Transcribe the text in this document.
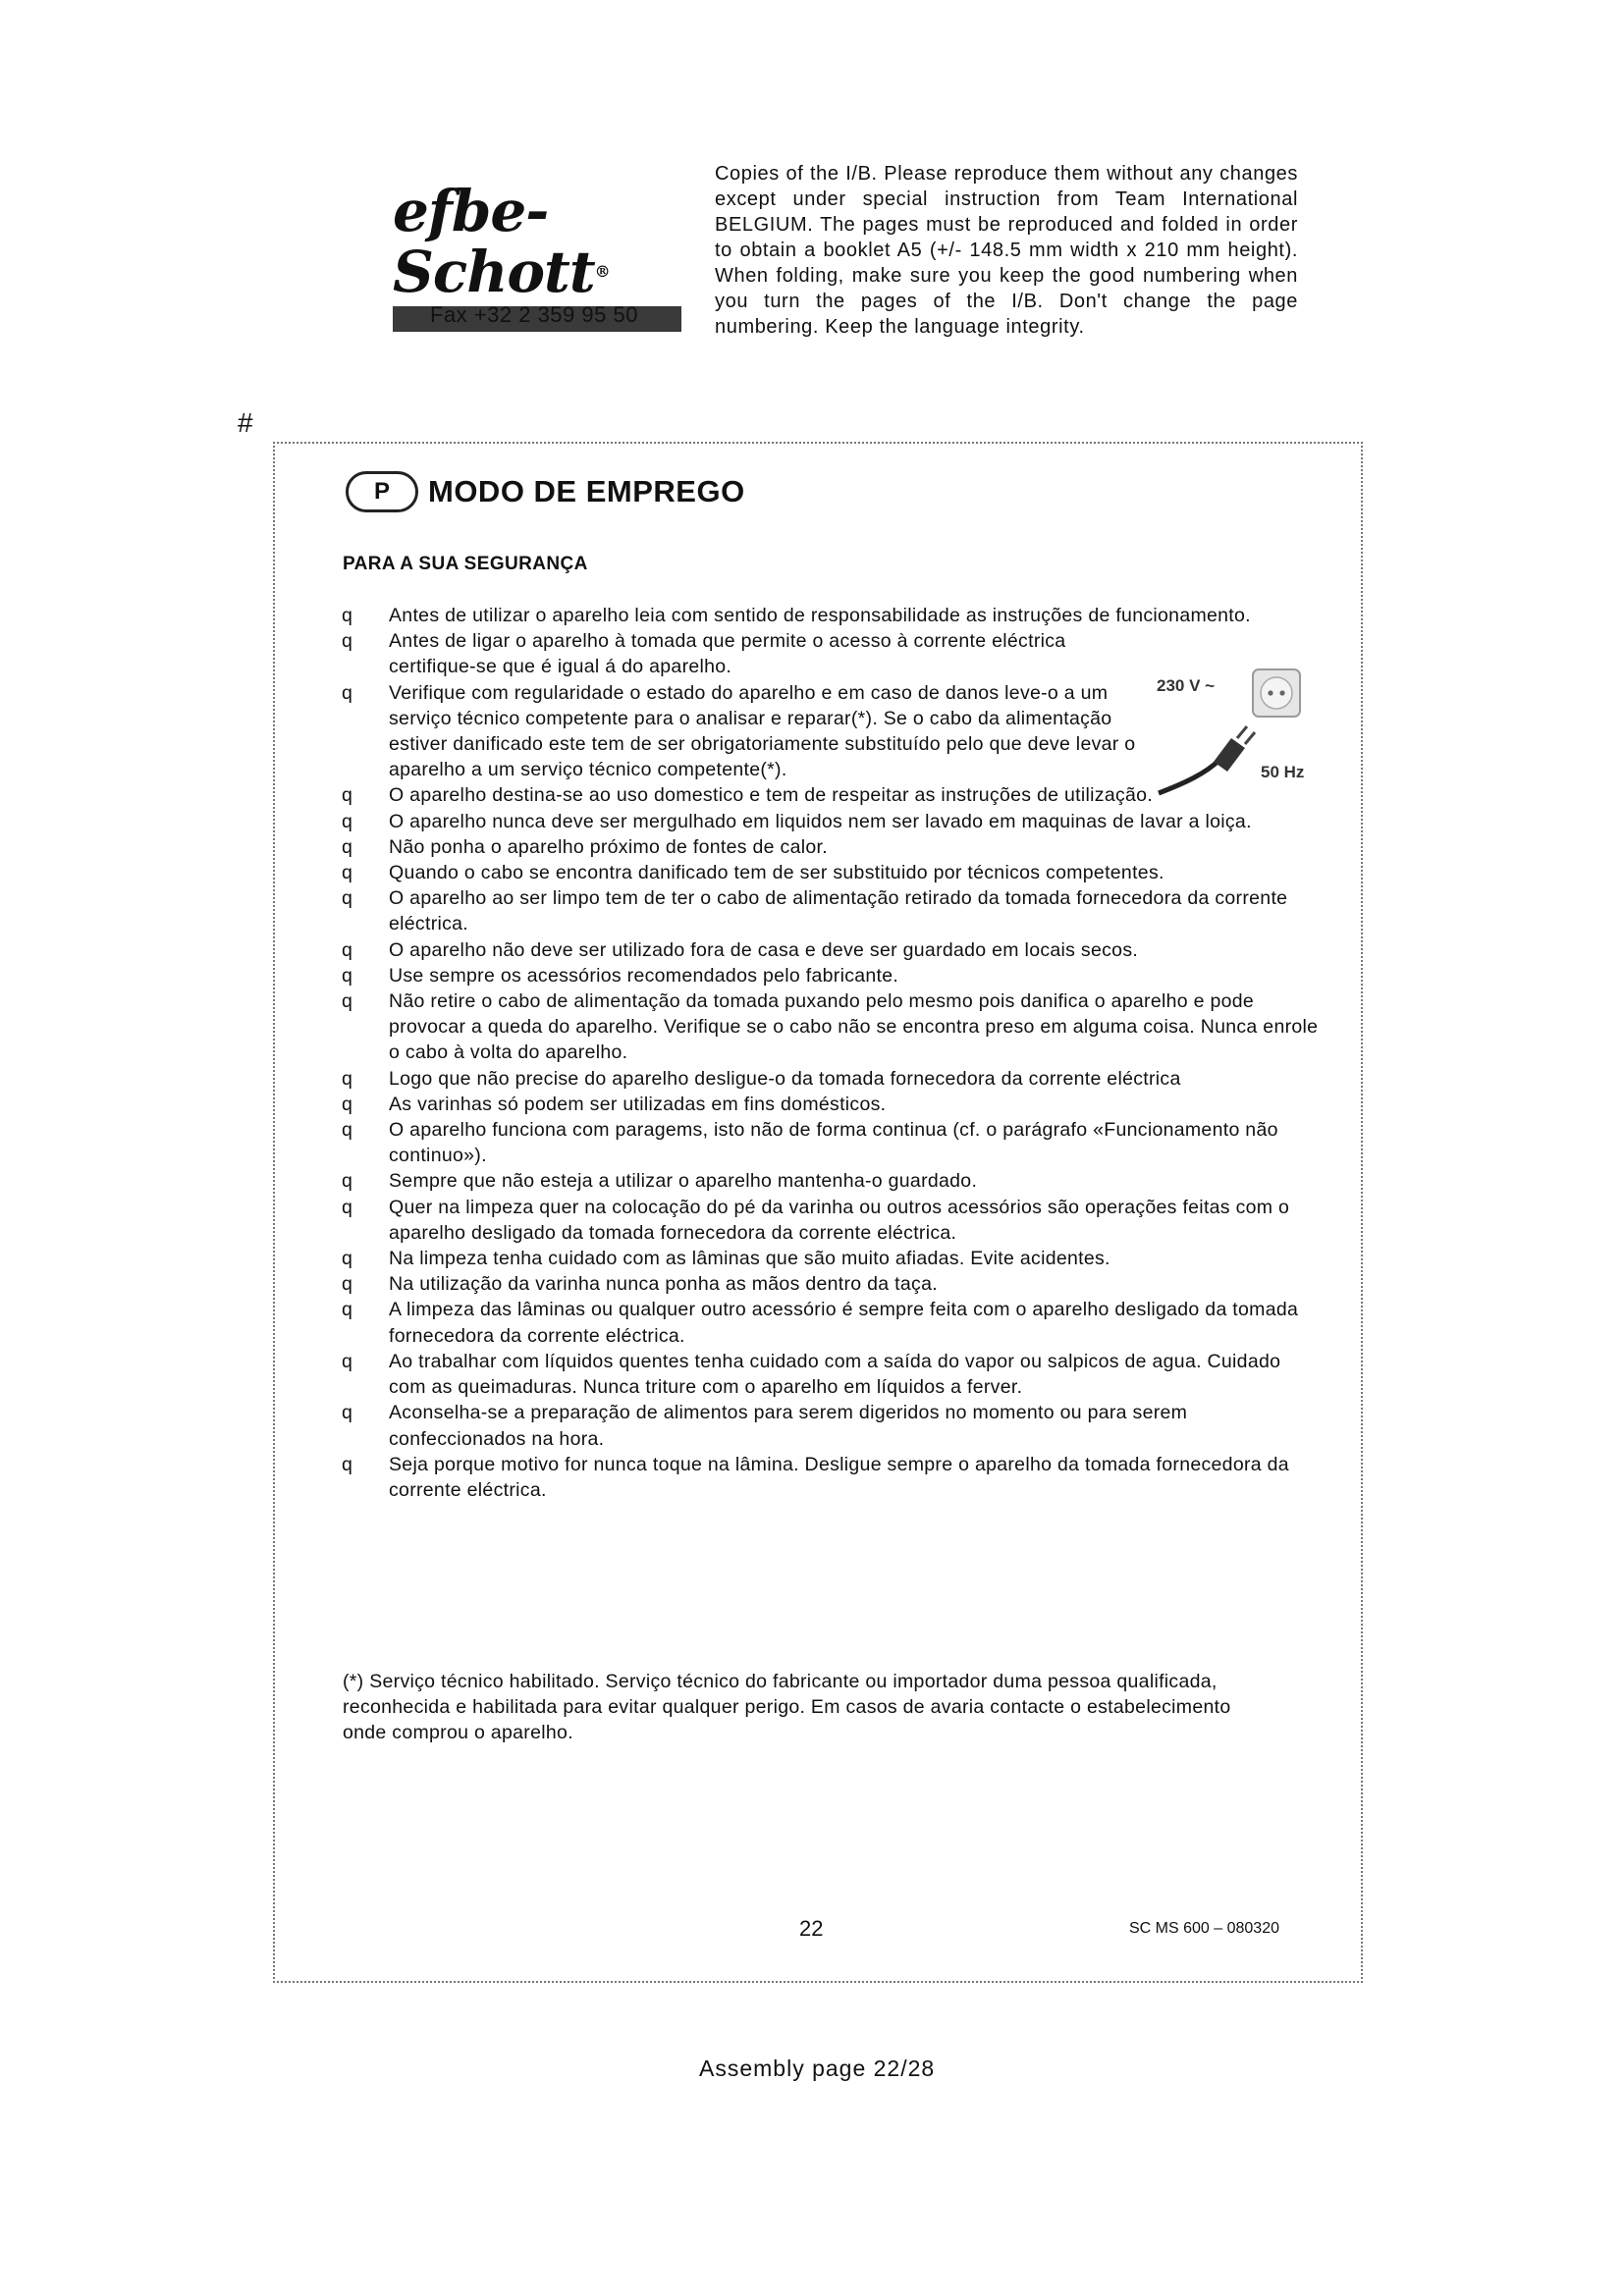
efbe-Schott®
Fax +32 2 359 95 50
Copies of the I/B. Please reproduce them without any changes except under special instruction from Team International BELGIUM. The pages must be reproduced and folded in order to obtain a booklet A5 (+/- 148.5 mm width x 210 mm height). When folding, make sure you keep the good numbering when you turn the pages of the I/B. Don't change the page numbering. Keep the language integrity.
#
P	MODO DE EMPREGO
PARA A SUA SEGURANÇA
q Antes de utilizar o aparelho leia com sentido de responsabilidade as instruções de funcionamento.
q Antes de ligar o aparelho à tomada que permite o acesso à corrente eléctrica certifique-se que é igual á do aparelho.
q Verifique com regularidade o estado do aparelho e em caso de danos leve-o a um serviço técnico competente para o analisar e reparar(*). Se o cabo da alimentação estiver danificado este tem de ser obrigatoriamente substituído pelo que deve levar o aparelho a um serviço técnico competente(*).
q O aparelho destina-se ao uso domestico e tem de respeitar as instruções de utilização.
q O aparelho nunca deve ser mergulhado em liquidos nem ser lavado em maquinas de lavar a loiça.
q Não ponha o aparelho próximo de fontes de calor.
q Quando o cabo se encontra danificado tem de ser substituido por técnicos competentes.
q O aparelho ao ser limpo tem de ter o cabo de alimentação retirado da tomada fornecedora da corrente eléctrica.
q O aparelho não deve ser utilizado fora de casa e deve ser guardado em locais secos.
q Use sempre os acessórios recomendados pelo fabricante.
q Não retire o cabo de alimentação da tomada puxando pelo mesmo pois danifica o aparelho e pode provocar a queda do aparelho. Verifique se o cabo não se encontra preso em alguma coisa. Nunca enrole o cabo à volta do aparelho.
q Logo que não precise do aparelho desligue-o da tomada fornecedora da corrente eléctrica
q As varinhas só podem ser utilizadas em fins domésticos.
q O aparelho funciona com paragems, isto não de forma continua (cf. o parágrafo «Funcionamento não continuo»).
q Sempre que não esteja a utilizar o aparelho mantenha-o guardado.
q Quer na limpeza quer na colocação do pé da varinha ou outros acessórios são operações feitas com o aparelho desligado da tomada fornecedora da corrente eléctrica.
q Na limpeza tenha cuidado com as lâminas que são muito afiadas. Evite acidentes.
q Na utilização da varinha nunca ponha as mãos dentro da taça.
q A limpeza das lâminas ou qualquer outro acessório é sempre feita com o aparelho desligado da tomada fornecedora da corrente eléctrica.
q Ao trabalhar com líquidos quentes tenha cuidado com a saída do vapor ou salpicos de agua. Cuidado com as queimaduras. Nunca triture com o aparelho em líquidos a ferver.
q Aconselha-se a preparação de alimentos para serem digeridos no momento ou para serem confeccionados na hora.
q Seja porque motivo for nunca toque na lâmina. Desligue sempre o aparelho da tomada fornecedora da corrente eléctrica.
230 V ~
50 Hz
(*) Serviço técnico habilitado. Serviço técnico do fabricante ou importador duma pessoa qualificada, reconhecida e habilitada para evitar qualquer perigo. Em casos de avaria contacte o estabelecimento onde comprou o aparelho.
22	SC MS 600 – 080320
Assembly page 22/28
